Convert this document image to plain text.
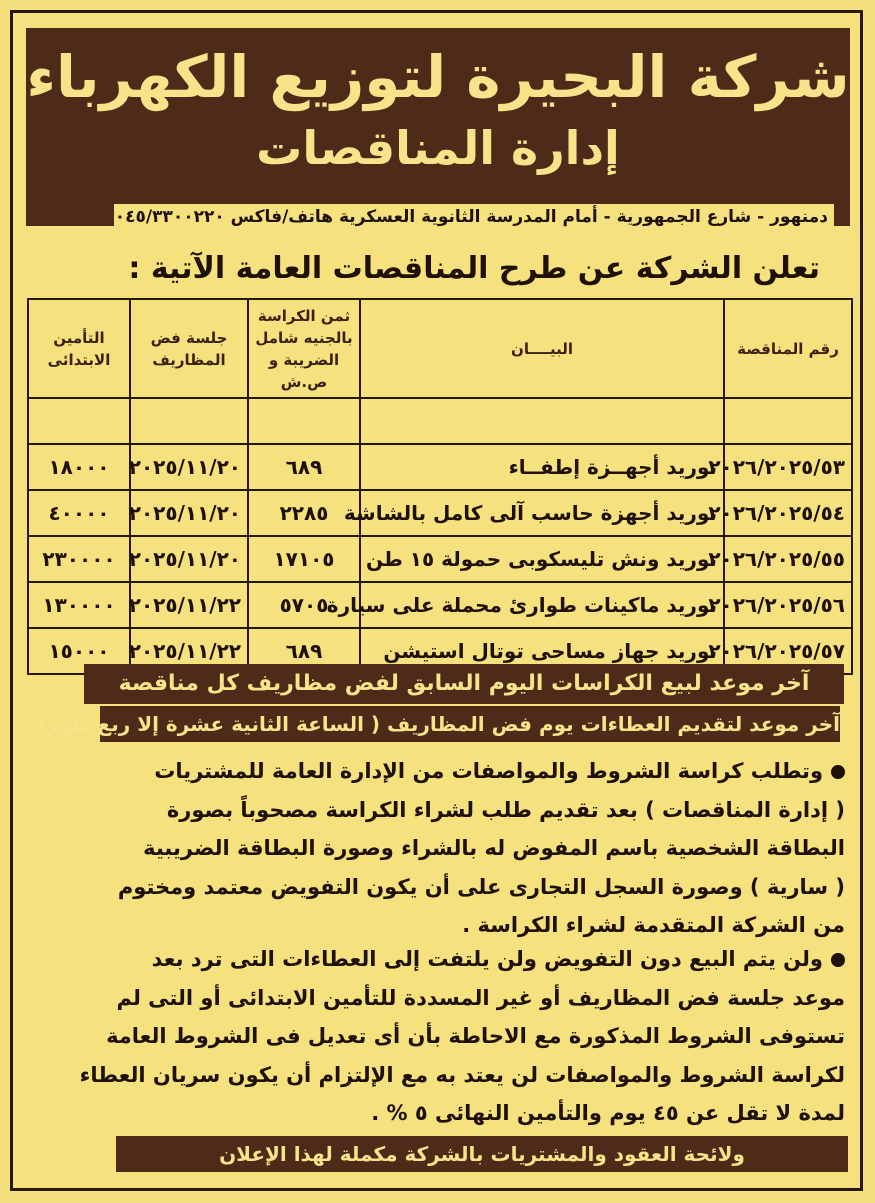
شركة البحيرة لتوزيع الكهرباء
إدارة المناقصات
دمنهور - شارع الجمهورية - أمام المدرسة الثانوية العسكرية هاتف/فاكس ٠٤٥/٣٣٠٠٢٢٠
تعلن الشركة عن طرح المناقصات العامة الآتية :
رقم المناقصة	البيــــان	ثمن الكراسة بالجنيه شامل الضريبة و ص.ش	جلسة فض المظاريف	التأمين الابتدائى

٢٠٢٦/٢٠٢٥/٥٣	توريد أجهــزة إطفــاء	٦٨٩	٢٠٢٥/١١/٢٠	١٨٠٠٠
٢٠٢٦/٢٠٢٥/٥٤	توريد أجهزة حاسب آلى كامل بالشاشة	٢٢٨٥	٢٠٢٥/١١/٢٠	٤٠٠٠٠
٢٠٢٦/٢٠٢٥/٥٥	توريد ونش تليسكوبى حمولة ١٥ طن	١٧١٠٥	٢٠٢٥/١١/٢٠	٢٣٠٠٠٠
٢٠٢٦/٢٠٢٥/٥٦	توريد ماكينات طوارئ محملة على سيارة	٥٧٠٥	٢٠٢٥/١١/٢٢	١٣٠٠٠٠
٢٠٢٦/٢٠٢٥/٥٧	توريد جهاز مساحى توتال استيشن	٦٨٩	٢٠٢٥/١١/٢٢	١٥٠٠٠
آخر موعد لبيع الكراسات اليوم السابق لفض مظاريف كل مناقصة
آخر موعد لتقديم العطاءات يوم فض المظاريف ( الساعة الثانية عشرة إلا ربع ظهراً )
وتطلب كراسة الشروط والمواصفات من الإدارة العامة للمشتريات
( إدارة المناقصات ) بعد تقديم طلب لشراء الكراسة مصحوباً بصورة
البطاقة الشخصية باسم المفوض له بالشراء وصورة البطاقة الضريبية
( سارية ) وصورة السجل التجارى على أن يكون التفويض معتمد ومختوم
من الشركة المتقدمة لشراء الكراسة .
ولن يتم البيع دون التفويض ولن يلتفت إلى العطاءات التى ترد بعد
موعد جلسة فض المظاريف أو غير المسددة للتأمين الابتدائى أو التى لم
تستوفى الشروط المذكورة مع الاحاطة بأن أى تعديل فى الشروط العامة
لكراسة الشروط والمواصفات لن يعتد به مع الإلتزام أن يكون سريان العطاء
لمدة لا تقل عن ٤٥ يوم والتأمين النهائى ٥ % .
ولائحة العقود والمشتريات بالشركة مكملة لهذا الإعلان
